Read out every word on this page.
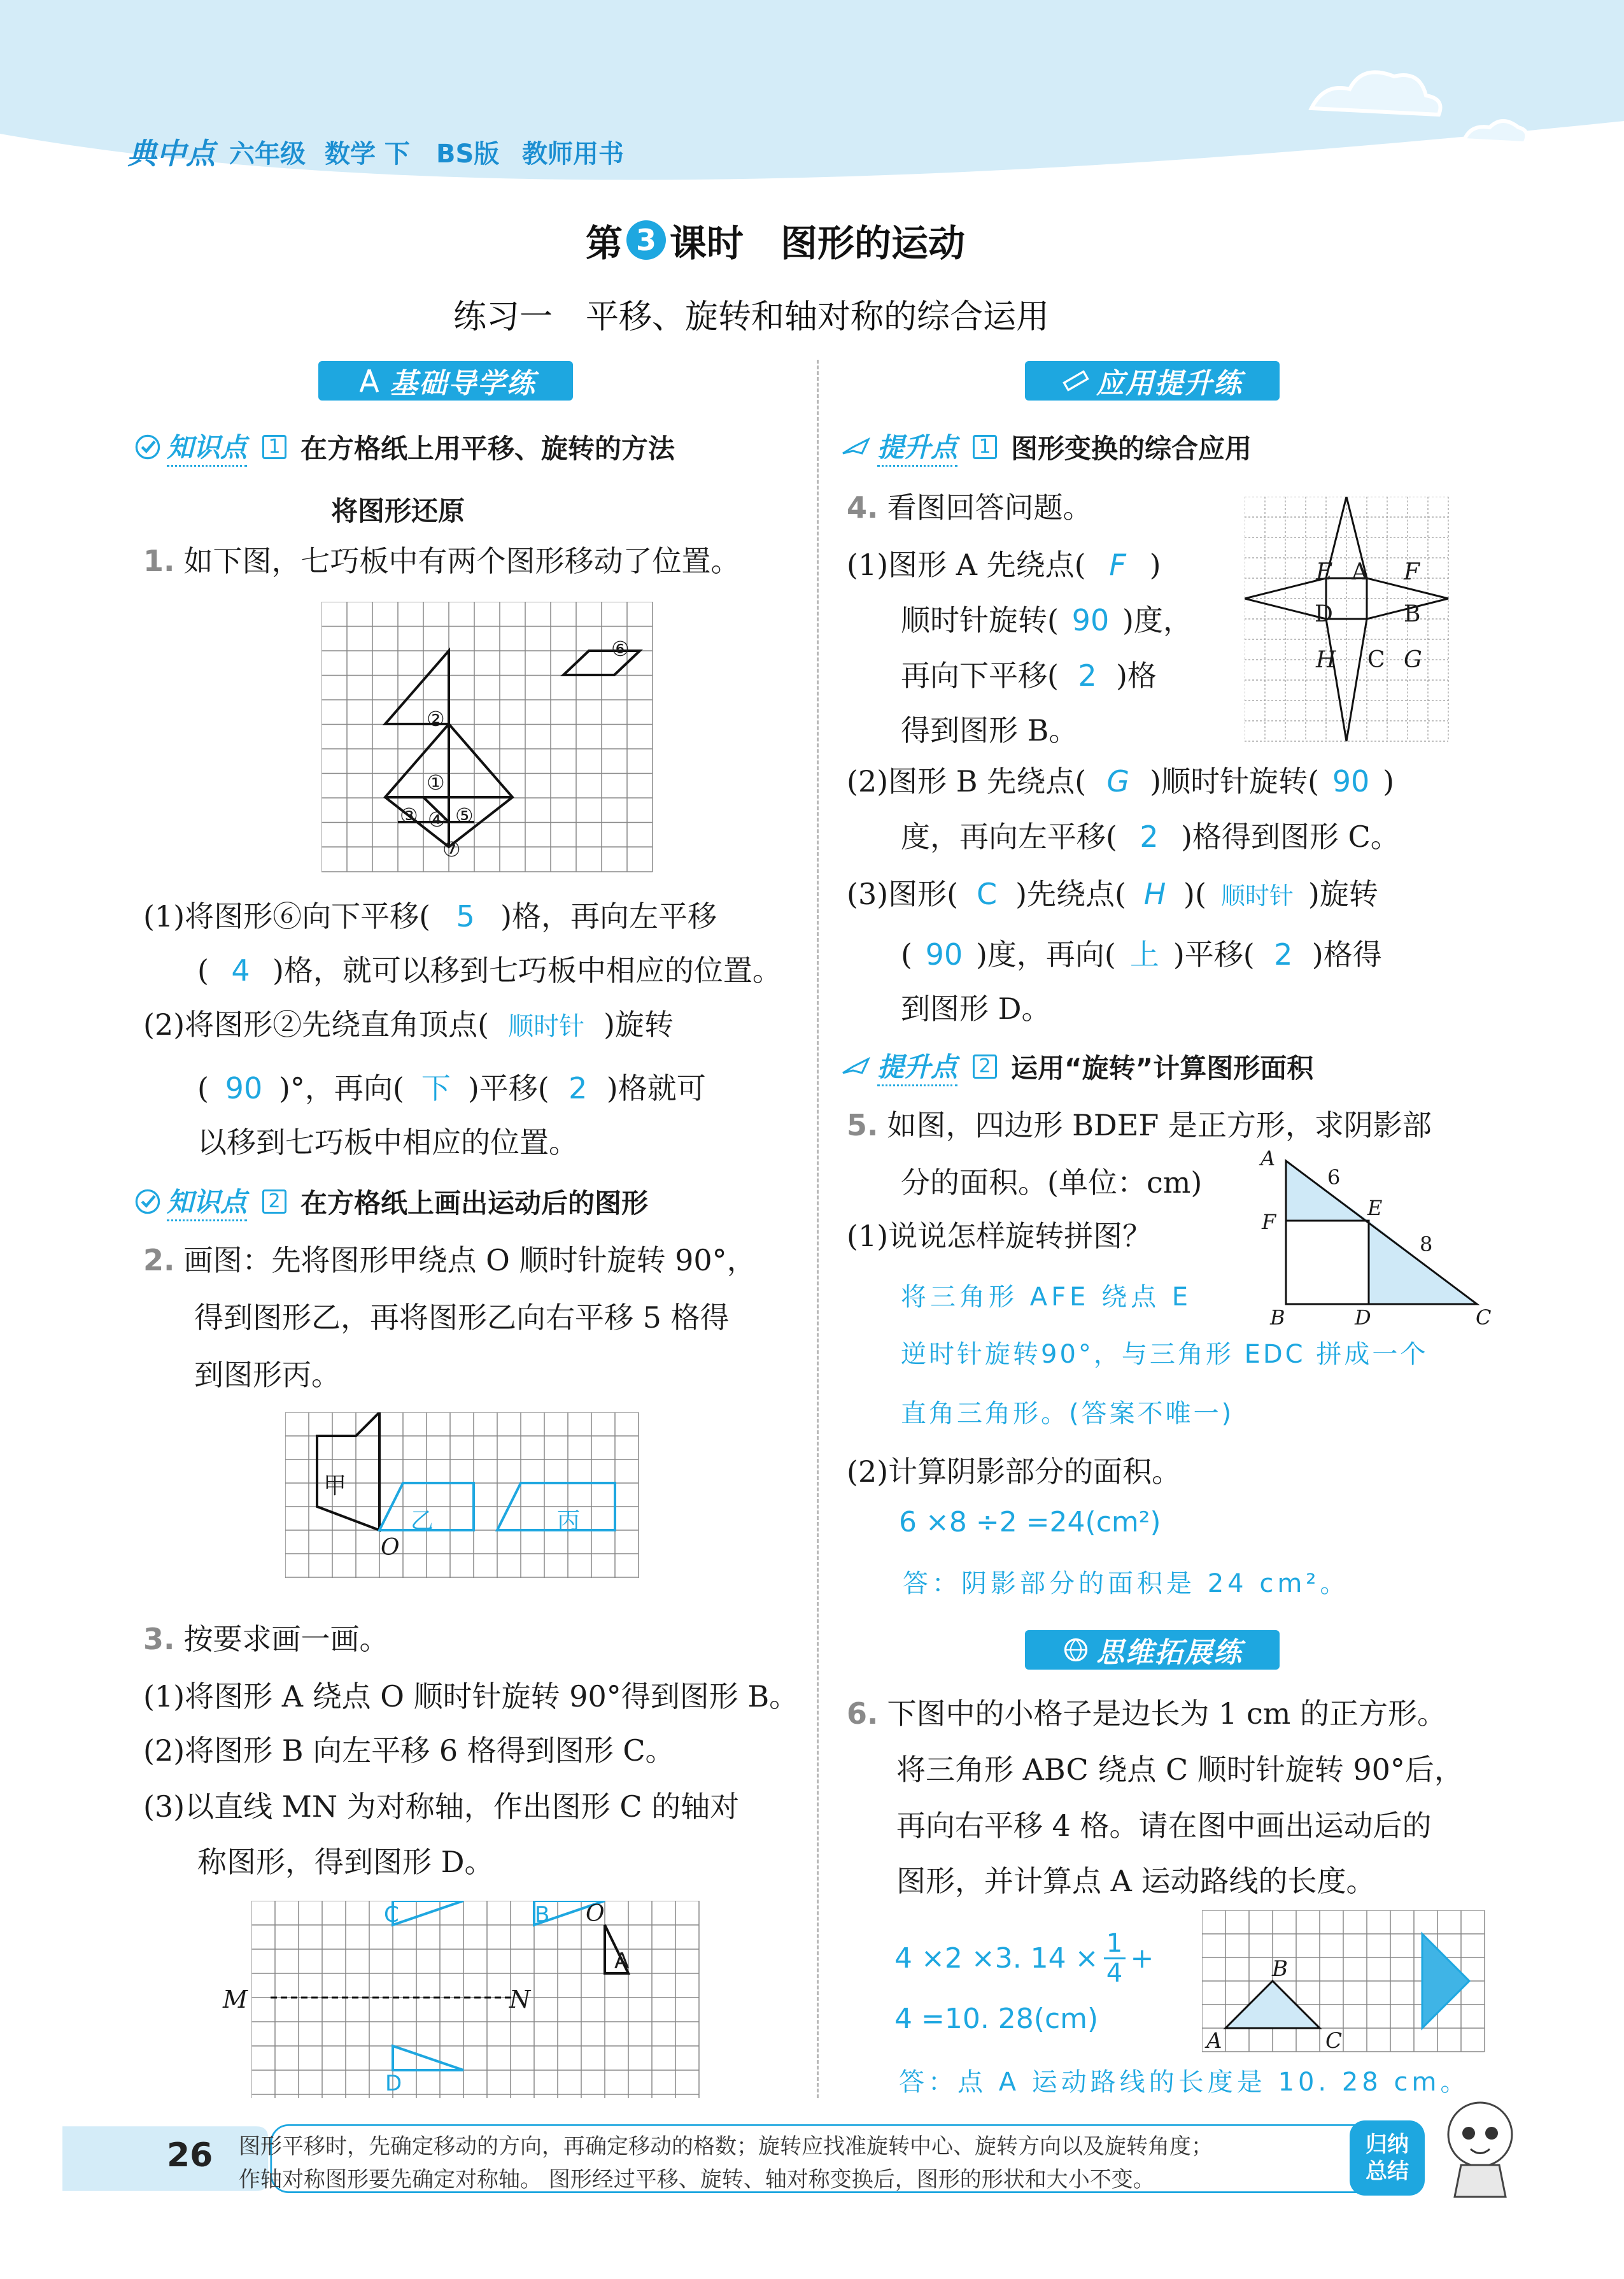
典中点 六年级 数学 下 BS版 教师用书
第 3 课时　图形的运动
练习一　平移、旋转和轴对称的综合运用
基础导学练	应用提升练
思维拓展练
知识点	1 在方格纸上用平移、旋转的方法
将图形还原
1. 如下图，七巧板中有两个图形移动了位置。
②
⑥
①
③ ④ ⑤
⑦
(1)将图形⑥向下平移( 5 )格，再向左平移
( 4 )格，就可以移到七巧板中相应的位置。
(2)将图形②先绕直角顶点( 顺时针 )旋转
( 90 )°，再向( 下 )平移( 2 )格就可
以移到七巧板中相应的位置。
知识点	2 在方格纸上画出运动后的图形
2. 画图：先将图形甲绕点 O 顺时针旋转 90°，
得到图形乙，再将图形乙向右平移 5 格得
到图形丙。
甲
乙	丙
O
3. 按要求画一画。
(1)将图形 A 绕点 O 顺时针旋转 90°得到图形 B。
(2)将图形 B 向左平移 6 格得到图形 C。
(3)以直线 MN 为对称轴，作出图形 C 的轴对
称图形，得到图形 D。
C	B O
A
M	N
D
提升点	1 图形变换的综合应用
4. 看图回答问题。
(1)图形 A 先绕点( F )
顺时针旋转( 90 )度，
再向下平移( 2 )格
得到图形 B。
E A F
D	B
H C G
(2)图形 B 先绕点( G )顺时针旋转( 90 )
度，再向左平移( 2 )格得到图形 C。
(3)图形( C )先绕点( H )( 顺时针 )旋转
( 90 )度，再向( 上 )平移( 2 )格得
到图形 D。
提升点	2 运用“旋转”计算图形面积
5. 如图，四边形 BDEF 是正方形，求阴影部
分的面积。(单位：cm)
(1)说说怎样旋转拼图？
A
6
F
E
8
B	D	C
将三角形 AFE 绕点 E
逆时针旋转90°，与三角形 EDC 拼成一个
直角三角形。(答案不唯一)
(2)计算阴影部分的面积。
6 ×8 ÷2 =24(cm²)
答：阴影部分的面积是 24 cm²。
6. 下图中的小格子是边长为 1 cm 的正方形。
将三角形 ABC 绕点 C 顺时针旋转 90°后，
再向右平移 4 格。请在图中画出运动后的
图形，并计算点 A 运动路线的长度。
4 ×2 ×3. 14 × 1
4 +
4 =10. 28(cm)
答：点 A 运动路线的长度是 10. 28 cm。
B
A	C
26 图形平移时，先确定移动的方向，再确定移动的格数；旋转应找准旋转中心、旋转方向以及旋转角度；
作轴对称图形要先确定对称轴。 图形经过平移、旋转、轴对称变换后，图形的形状和大小不变。
归纳
总结
